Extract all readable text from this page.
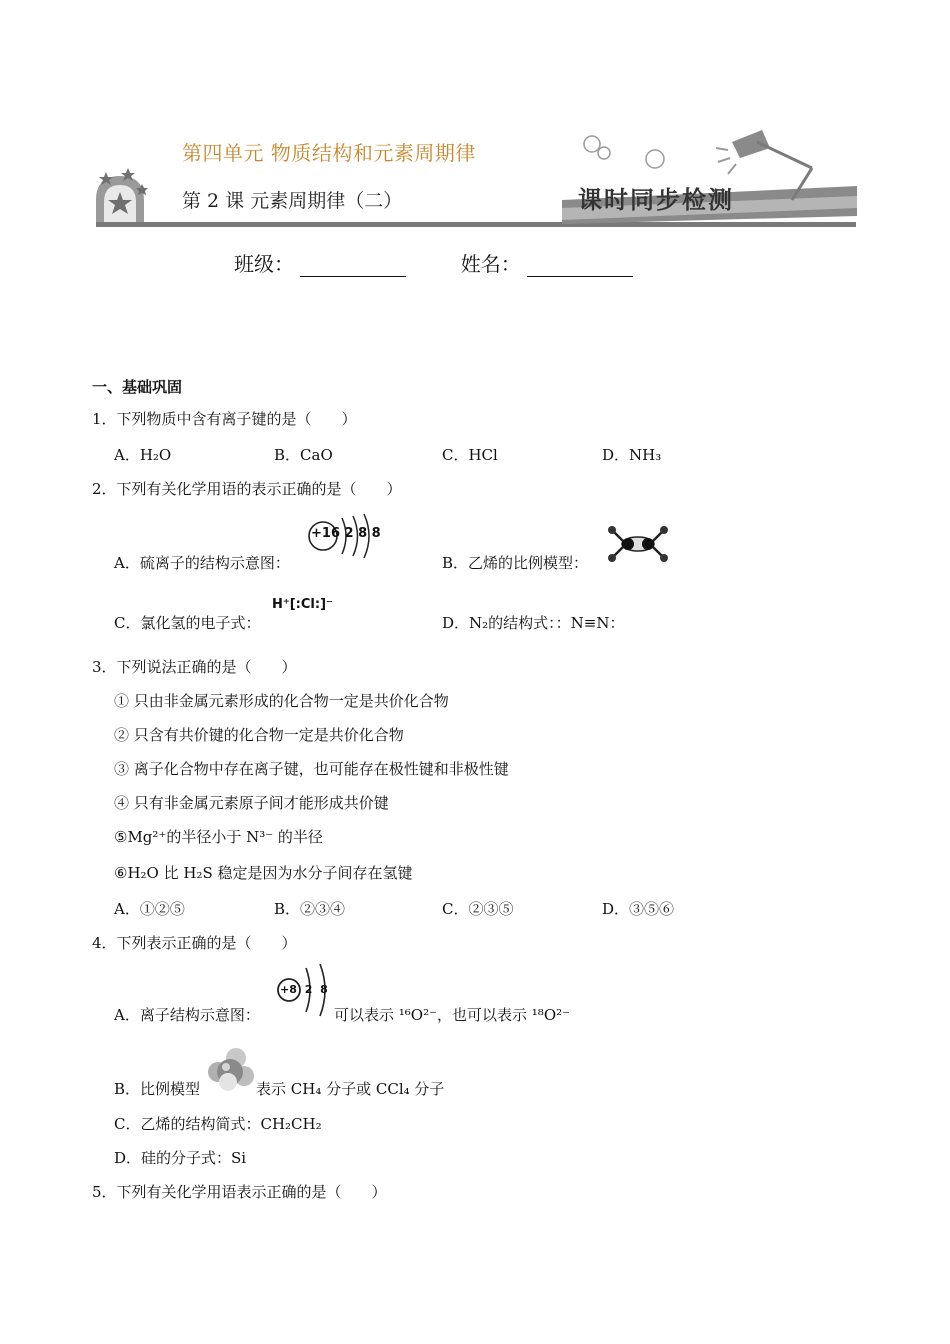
第四单元 物质结构和元素周期律
第 2 课 元素周期律（二）	课时同步检测
班级：	姓名：
一、基础巩固
1．下列物质中含有离子键的是（　　）
A．H₂O	B．CaO	C．HCl	D．NH₃
2．下列有关化学用语的表示正确的是（　　）
A．硫离子的结构示意图：
+16 2 8 8
B．乙烯的比例模型：
C．氯化氢的电子式：
H⁺[:Cl:]⁻
D．N₂的结构式：：N≡N：
3．下列说法正确的是（　　）
① 只由非金属元素形成的化合物一定是共价化合物
② 只含有共价键的化合物一定是共价化合物
③ 离子化合物中存在离子键，也可能存在极性键和非极性键
④ 只有非金属元素原子间才能形成共价键
⑤Mg²⁺的半径小于 N³⁻ 的半径
⑥H₂O 比 H₂S 稳定是因为水分子间存在氢键
A．①②⑤	B．②③④	C．②③⑤	D．③⑤⑥
4．下列表示正确的是（　　）
A．离子结构示意图：
+8 2 8
可以表示 ¹⁶O²⁻，也可以表示 ¹⁸O²⁻
B．比例模型	表示 CH₄ 分子或 CCl₄ 分子
C．乙烯的结构简式：CH₂CH₂
D．硅的分子式：Si
5．下列有关化学用语表示正确的是（　　）
